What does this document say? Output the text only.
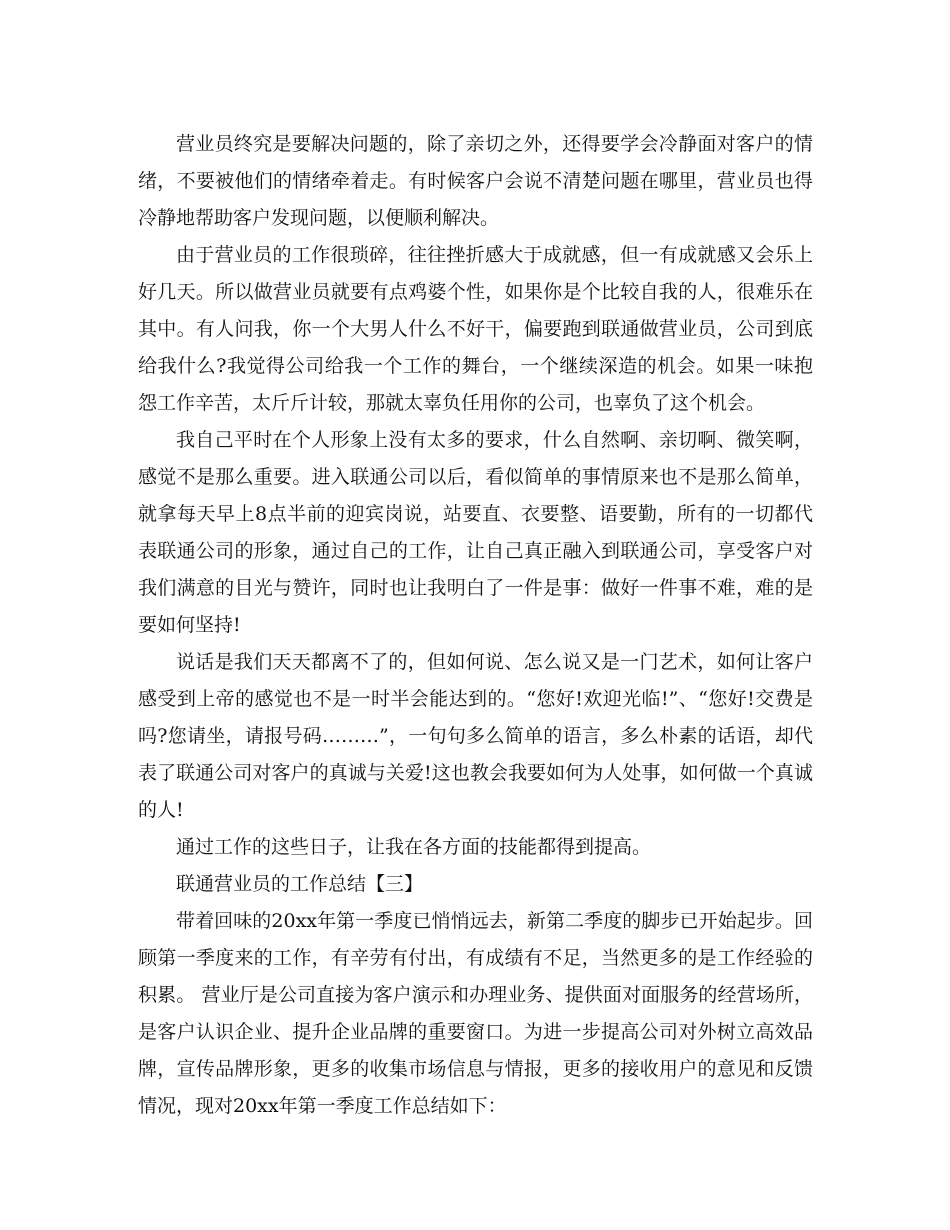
营业员终究是要解决问题的，除了亲切之外，还得要学会冷静面对客户的情绪，不要被他们的情绪牵着走。有时候客户会说不清楚问题在哪里，营业员也得冷静地帮助客户发现问题，以便顺利解决。

由于营业员的工作很琐碎，往往挫折感大于成就感，但一有成就感又会乐上好几天。所以做营业员就要有点鸡婆个性，如果你是个比较自我的人，很难乐在其中。有人问我，你一个大男人什么不好干，偏要跑到联通做营业员，公司到底给我什么?我觉得公司给我一个工作的舞台，一个继续深造的机会。如果一味抱怨工作辛苦，太斤斤计较，那就太辜负任用你的公司，也辜负了这个机会。

我自己平时在个人形象上没有太多的要求，什么自然啊、亲切啊、微笑啊，感觉不是那么重要。进入联通公司以后，看似简单的事情原来也不是那么简单，就拿每天早上8点半前的迎宾岗说，站要直、衣要整、语要勤，所有的一切都代表联通公司的形象，通过自己的工作，让自己真正融入到联通公司，享受客户对我们满意的目光与赞许，同时也让我明白了一件是事：做好一件事不难，难的是要如何坚持!

说话是我们天天都离不了的，但如何说、怎么说又是一门艺术，如何让客户感受到上帝的感觉也不是一时半会能达到的。“您好!欢迎光临!”、“您好!交费是吗?您请坐，请报号码………”，一句句多么简单的语言，多么朴素的话语，却代表了联通公司对客户的真诚与关爱!这也教会我要如何为人处事，如何做一个真诚的人!

通过工作的这些日子，让我在各方面的技能都得到提高。

联通营业员的工作总结【三】

带着回味的20xx年第一季度已悄悄远去，新第二季度的脚步已开始起步。回顾第一季度来的工作，有辛劳有付出，有成绩有不足，当然更多的是工作经验的积累。 营业厅是公司直接为客户演示和办理业务、提供面对面服务的经营场所，是客户认识企业、提升企业品牌的重要窗口。为进一步提高公司对外树立高效品牌，宣传品牌形象，更多的收集市场信息与情报，更多的接收用户的意见和反馈情况，现对20xx年第一季度工作总结如下：
